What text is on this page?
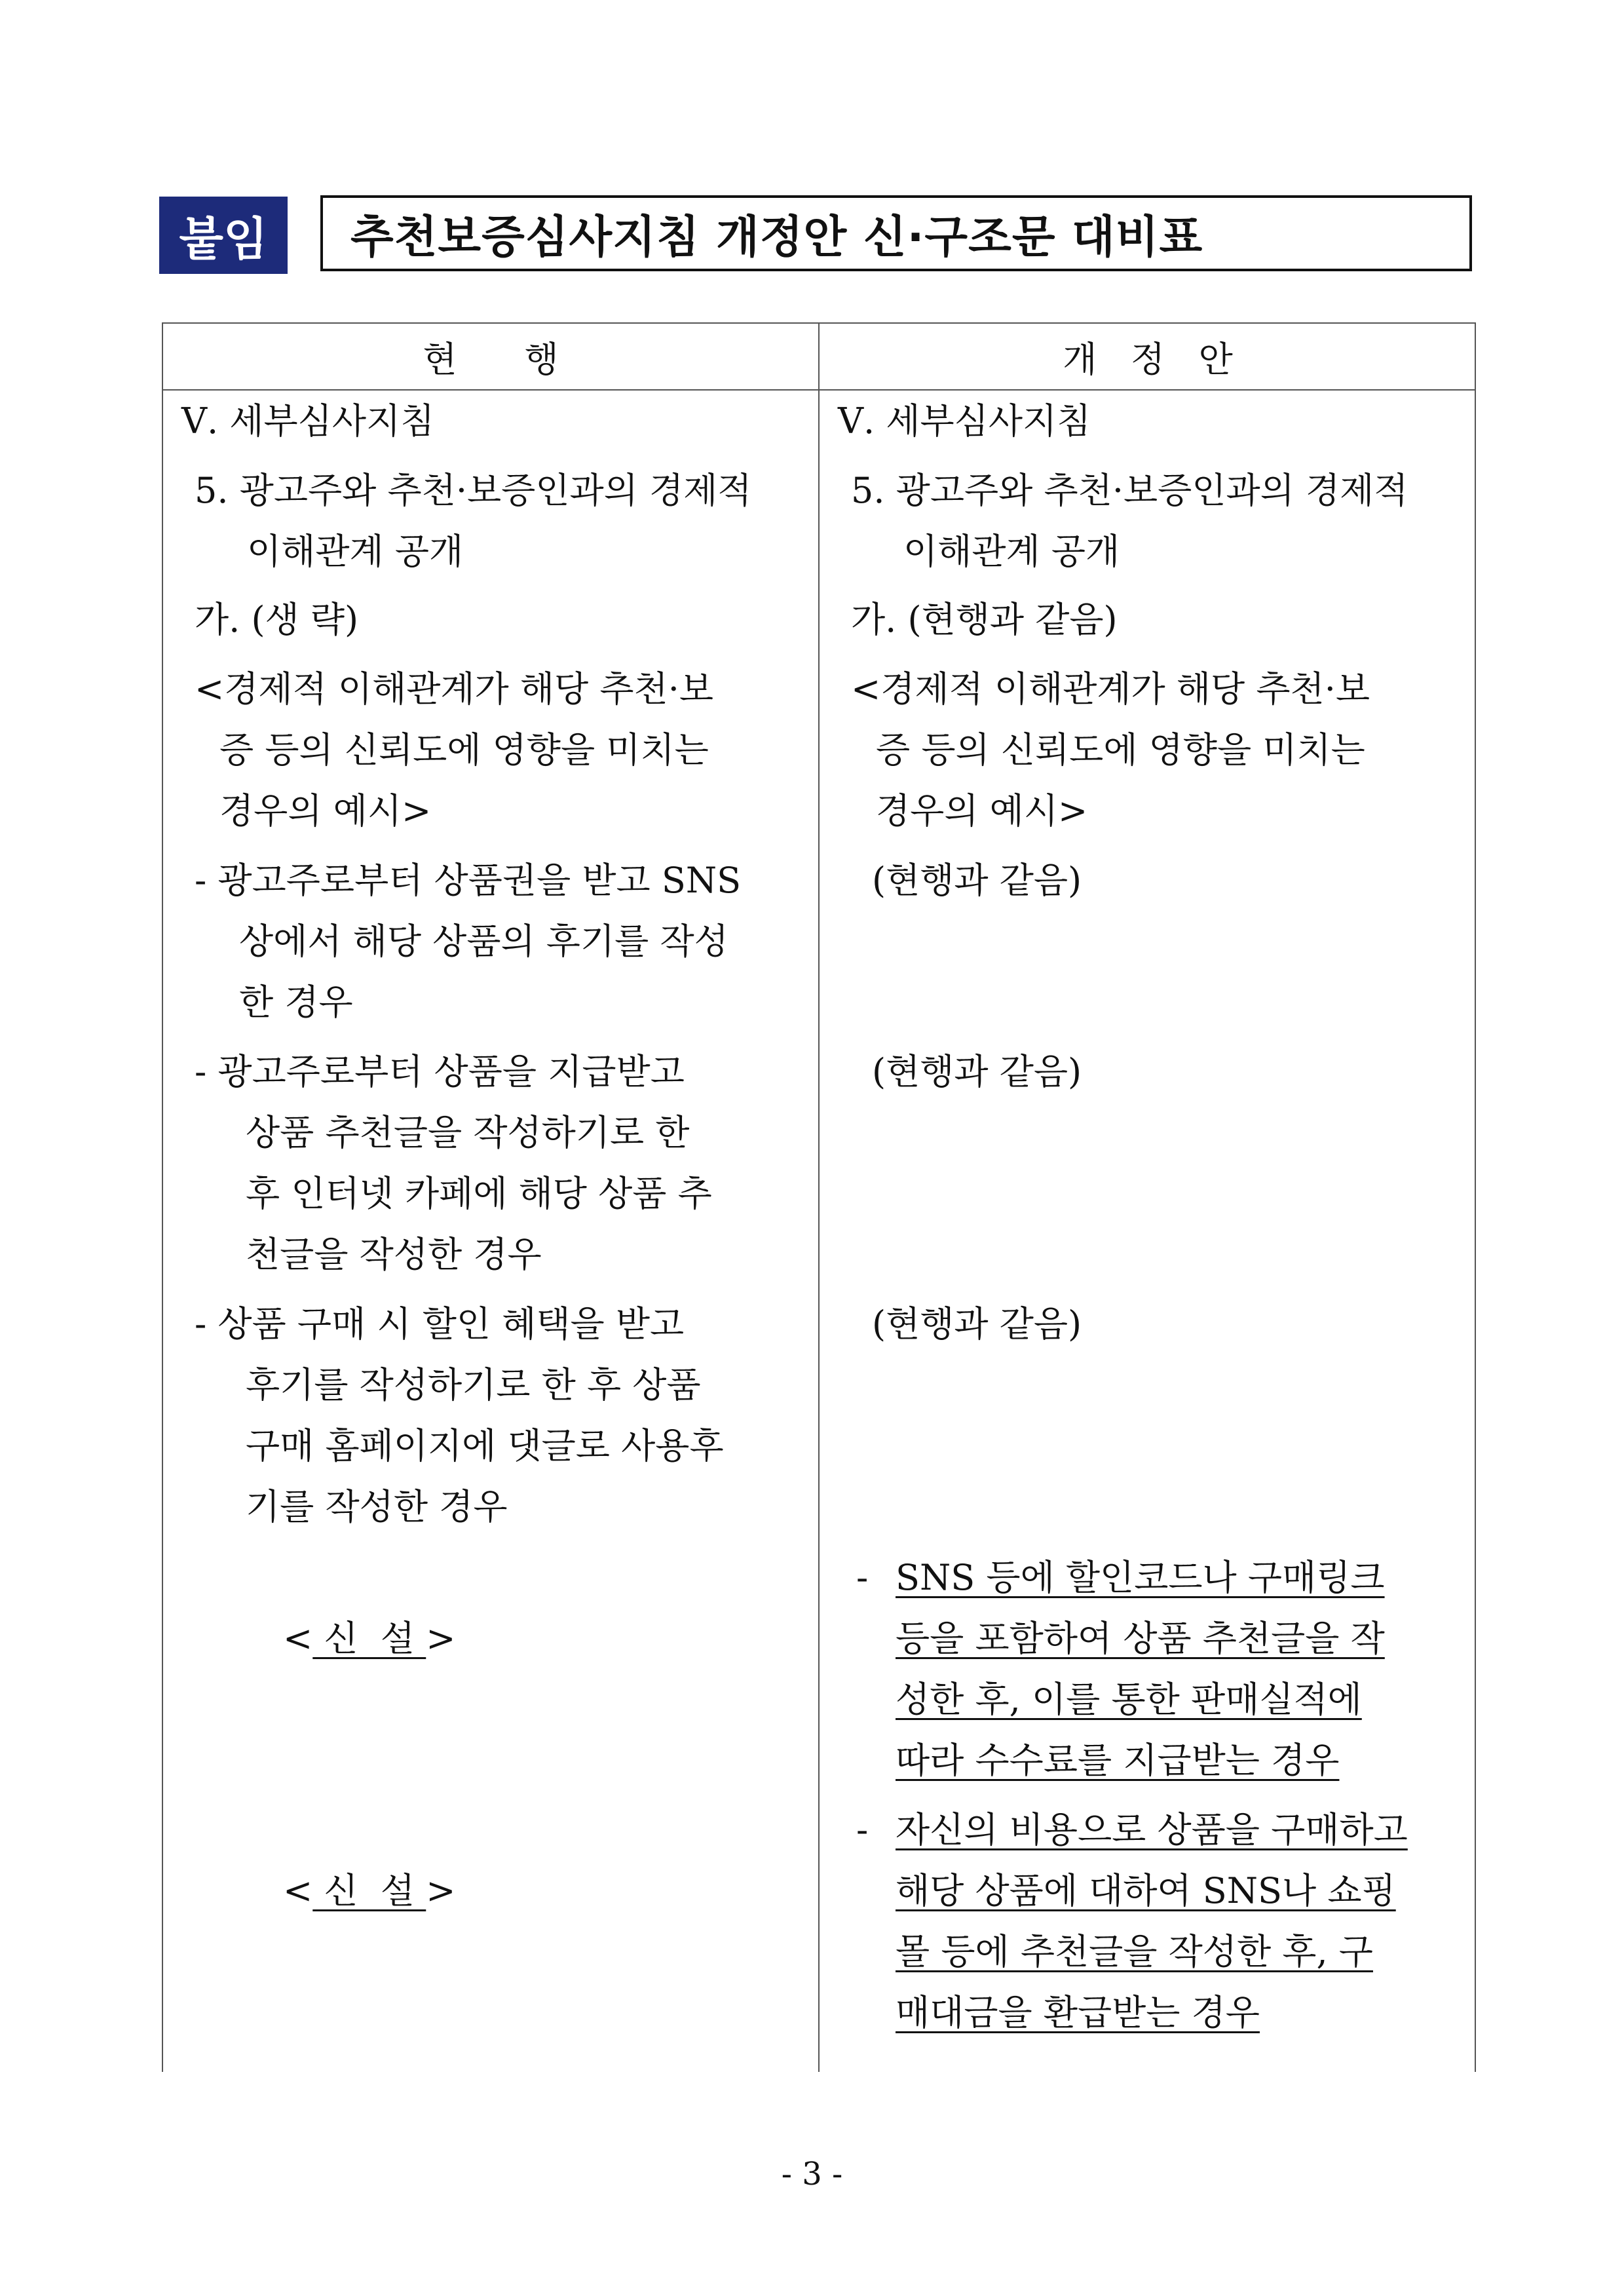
붙임	추천보증심사지침 개정안 신·구조문 대비표
현      행	개   정   안
Ⅴ. 세부심사지침
5. 광고주와 추천·보증인과의 경제적
이해관계 공개
가. (생 략)
<경제적 이해관계가 해당 추천·보
증 등의 신뢰도에 영향을 미치는
경우의 예시>
- 광고주로부터 상품권을 받고 SNS
상에서 해당 상품의 후기를 작성
한 경우
- 광고주로부터 상품을 지급받고
상품 추천글을 작성하기로 한
후 인터넷 카페에 해당 상품 추
천글을 작성한 경우
- 상품 구매 시 할인 혜택을 받고
후기를 작성하기로 한 후 상품
구매 홈페이지에 댓글로 사용후
기를 작성한 경우

< 신  설 >

< 신  설 >

Ⅴ. 세부심사지침
5. 광고주와 추천·보증인과의 경제적
이해관계 공개
가. (현행과 같음)
<경제적 이해관계가 해당 추천·보
증 등의 신뢰도에 영향을 미치는
경우의 예시>
(현행과 같음)
(현행과 같음)
(현행과 같음)
- SNS 등에 할인코드나 구매링크
등을 포함하여 상품 추천글을 작
성한 후, 이를 통한 판매실적에
따라 수수료를 지급받는 경우
- 자신의 비용으로 상품을 구매하고
해당 상품에 대하여 SNS나 쇼핑
몰 등에 추천글을 작성한 후, 구
매대금을 환급받는 경우
- 3 -
